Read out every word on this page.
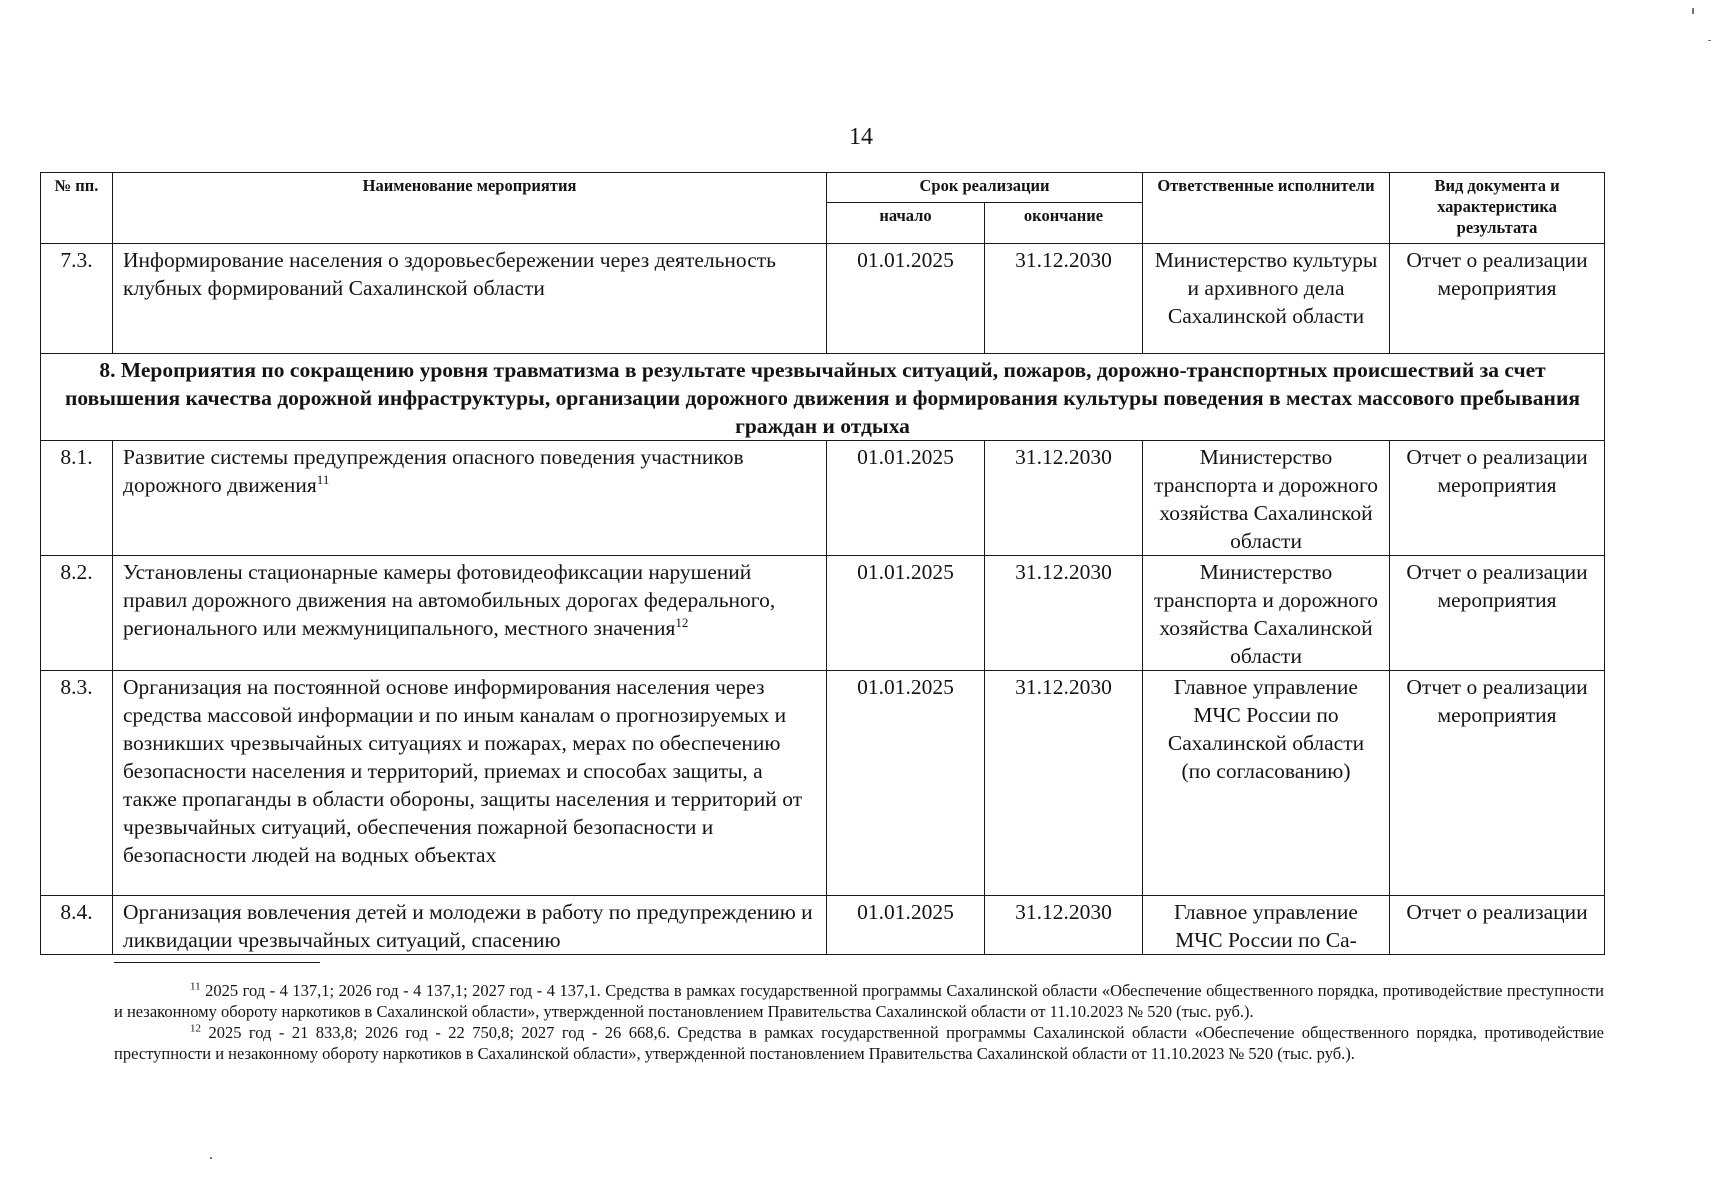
14
№ пп.	Наименование мероприятия	Срок реализации		Ответственные исполнители	Вид документа и характеристика результата
		начало	окончание		
7.3.	Информирование населения о здоровьесбережении через деятельность клубных формирований Сахалинской области	01.01.2025	31.12.2030	Министерство культуры и архивного дела Сахалинской области	Отчет о реализации мероприятия
8. Мероприятия по сокращению уровня травматизма в результате чрезвычайных ситуаций, пожаров, дорожно-транспортных происшествий за счет повышения качества дорожной инфраструктуры, организации дорожного движения и формирования культуры поведения в местах массового пребывания граждан и отдыха					
8.1.	Развитие системы предупреждения опасного поведения участников дорожного движения$^{11}$	01.01.2025	31.12.2030	Министерство транспорта и дорожного хозяйства Сахалинской области	Отчет о реализации мероприятия
8.2.	Установлены стационарные камеры фотовидеофиксации нарушений правил дорожного движения на автомобильных дорогах федерального, регионального или межмуниципального, местного значения$^{12}$	01.01.2025	31.12.2030	Министерство транспорта и дорожного хозяйства Сахалинской области	Отчет о реализации мероприятия
8.3.	Организация на постоянной основе информирования населения через средства массовой информации и по иным каналам о прогнозируемых и возникших чрезвычайных ситуациях и пожарах, мерах по обеспечению безопасности населения и территорий, приемах и способах защиты, а также пропаганды в области обороны, защиты населения и территорий от чрезвычайных ситуаций, обеспечения пожарной безопасности и безопасности людей на водных объектах	01.01.2025	31.12.2030	Главное управление МЧС России по Сахалинской области (по согласованию)	Отчет о реализации мероприятия
8.4.	Организация вовлечения детей и молодежи в работу по предупреждению и ликвидации чрезвычайных ситуаций, спасению	01.01.2025	31.12.2030	Главное управление МЧС России по Са-	Отчет о реализации

$^{11}$ 2025 год - 4 137,1; 2026 год - 4 137,1; 2027 год - 4 137,1. Средства в рамках государственной программы Сахалинской области «Обеспечение общественного порядка, противодействие преступности и незаконному обороту наркотиков в Сахалинской области», утвержденной постановлением Правительства Сахалинской области от 11.10.2023 № 520 (тыс. руб.).

$^{12}$ 2025 год - 21 833,8; 2026 год - 22 750,8; 2027 год - 26 668,6. Средства в рамках государственной программы Сахалинской области «Обеспечение общественного порядка, противодействие преступности и незаконному обороту наркотиков в Сахалинской области», утвержденной постановлением Правительства Сахалинской области от 11.10.2023 № 520 (тыс. руб.).
